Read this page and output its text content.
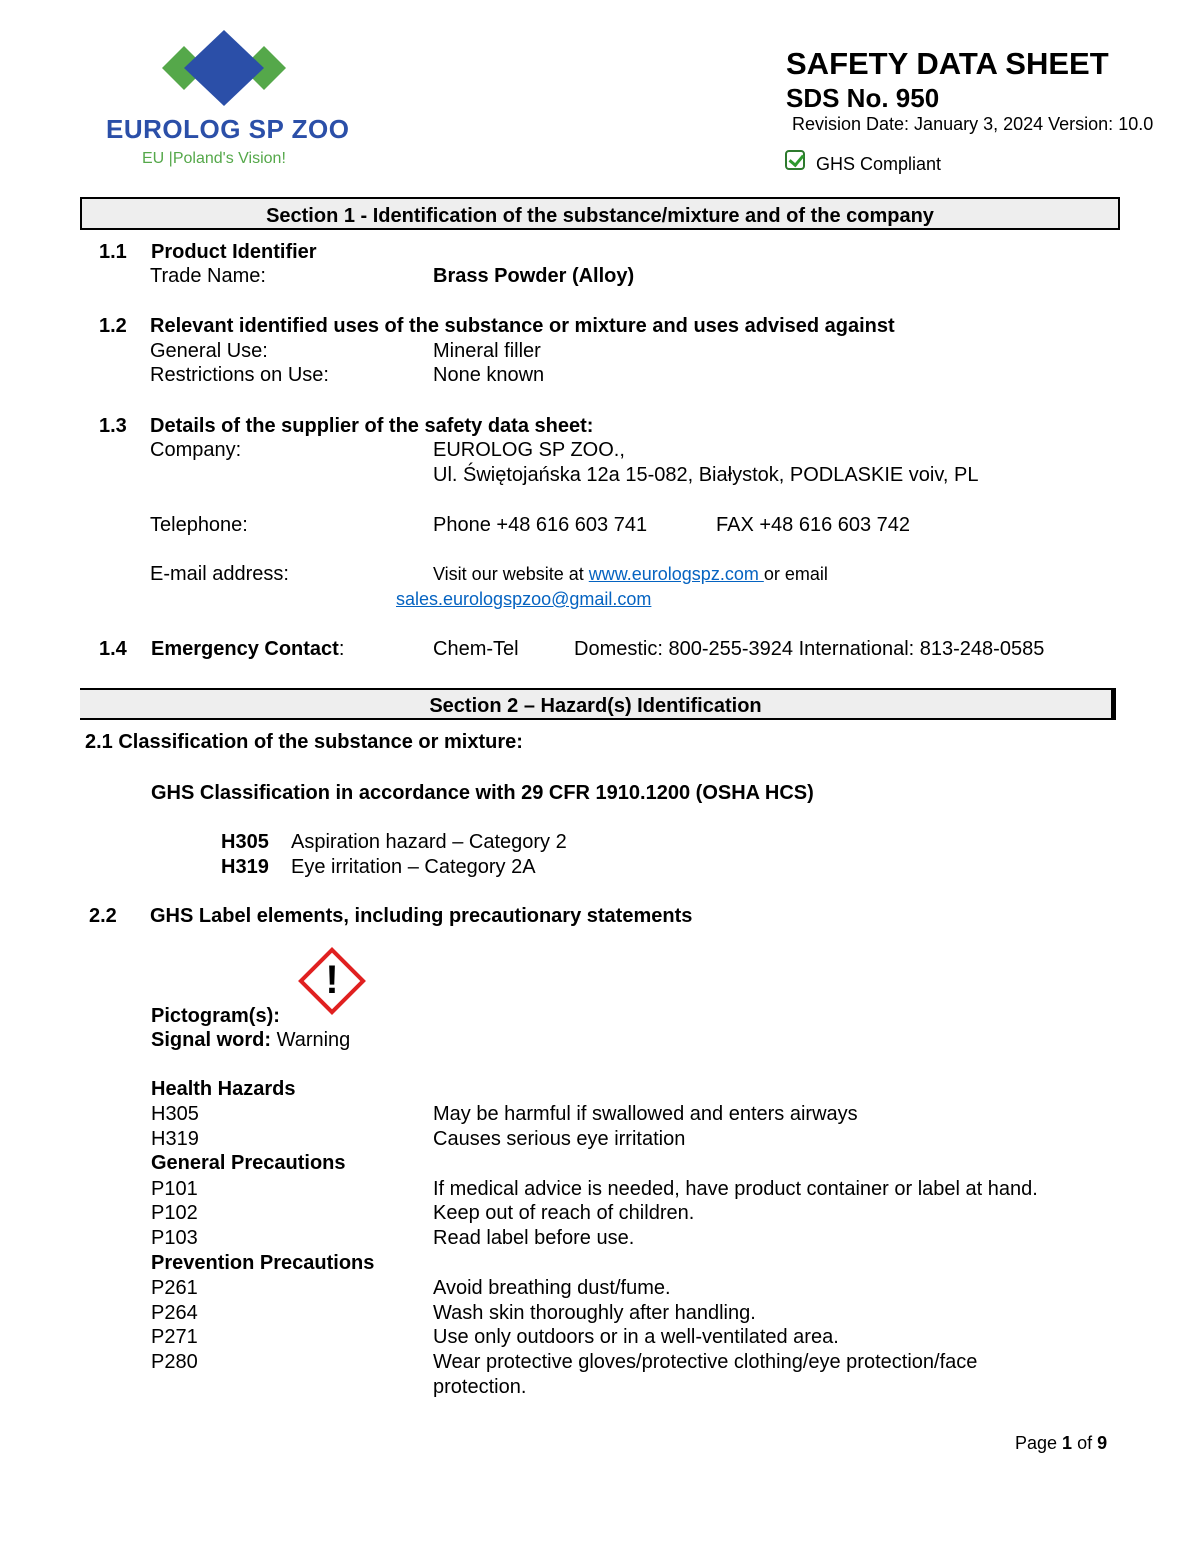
EUROLOG SP ZOO
EU |Poland's Vision!
SAFETY DATA SHEET
SDS No. 950
Revision Date: January 3, 2024 Version: 10.0
GHS Compliant
Section 1 - Identification of the substance/mixture and of the company
1.1 Product Identifier
Trade Name:	Brass Powder (Alloy)
1.2 Relevant identified uses of the substance or mixture and uses advised against
General Use:	Mineral filler
Restrictions on Use:	None known
1.3 Details of the supplier of the safety data sheet:
Company:	EUROLOG SP ZOO.,
Ul. Świętojańska 12a 15-082, Białystok, PODLASKIE voiv, PL
Telephone:	Phone +48 616 603 741	FAX +48 616 603 742
E-mail address:	Visit our website at www.eurologspz.com or email
sales.eurologspzoo@gmail.com
1.4 Emergency Contact:	Chem-Tel	Domestic: 800-255-3924 International: 813-248-0585
Section 2 – Hazard(s) Identification
2.1 Classification of the substance or mixture:
GHS Classification in accordance with 29 CFR 1910.1200 (OSHA HCS)
H305 Aspiration hazard – Category 2
H319 Eye irritation – Category 2A
2.2 GHS Label elements, including precautionary statements
!
Pictogram(s):
Signal word: Warning
Health Hazards
H305	May be harmful if swallowed and enters airways
H319	Causes serious eye irritation
General Precautions
P101	If medical advice is needed, have product container or label at hand.
P102	Keep out of reach of children.
P103	Read label before use.
Prevention Precautions
P261	Avoid breathing dust/fume.
P264	Wash skin thoroughly after handling.
P271	Use only outdoors or in a well-ventilated area.
P280	Wear protective gloves/protective clothing/eye protection/face
protection.
Page 1 of 9
